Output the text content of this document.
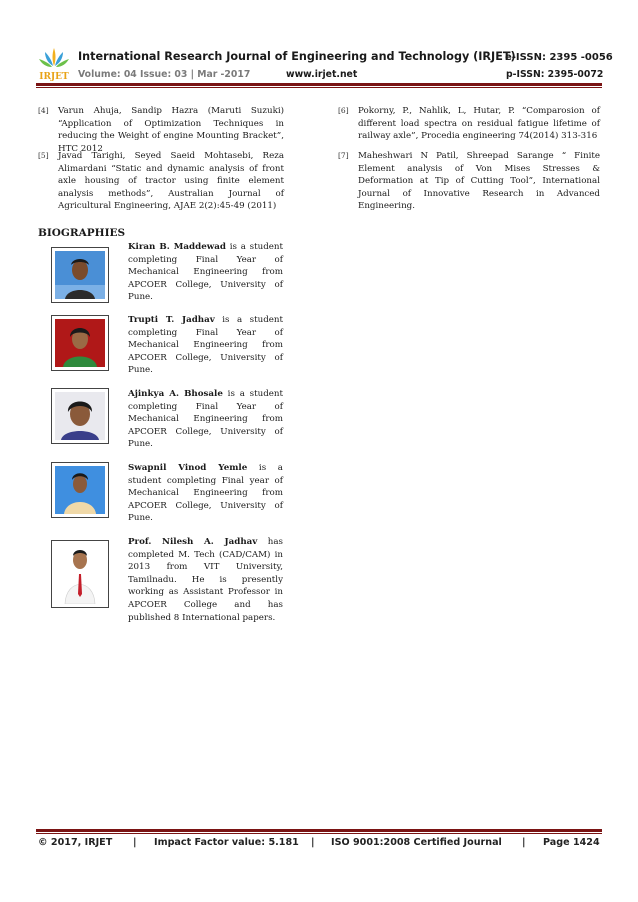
IRJET
International Research Journal of Engineering and Technology (IRJET)
e-ISSN: 2395 -0056
Volume: 04 Issue: 03 | Mar -2017	www.irjet.net	p-ISSN: 2395-0072
[4] Varun Ahuja, Sandip Hazra (Maruti Suzuki) “Application of Optimization Techniques in reducing the Weight of engine Mounting Bracket”, HTC 2012
[5] Javad Tarighi, Seyed Saeid Mohtasebi, Reza Alimardani “Static and dynamic analysis of front axle housing of tractor using finite element analysis methods”, Australian Journal of Agricultural Engineering, AJAE 2(2):45-49 (2011)
[6] Pokorny, P., Nahlik, L, Hutar, P. “Comparosion of different load spectra on residual fatigue lifetime of railway axle”, Procedia engineering 74(2014) 313-316
[7] Maheshwari N Patil, Shreepad Sarange “ Finite Element analysis of Von Mises Stresses & Deformation at Tip of Cutting Tool”, International Journal of Innovative Research in Advanced Engineering.
BIOGRAPHIES
Kiran B. Maddewad is a student completing Final Year of Mechanical Engineering from APCOER College, University of Pune.
Trupti T. Jadhav is a student completing Final Year of Mechanical Engineering from APCOER College, University of Pune.
Ajinkya A. Bhosale is a student completing Final Year of Mechanical Engineering from APCOER College, University of Pune.
Swapnil Vinod Yemle is a student completing Final year of Mechanical Engineering from APCOER College, University of Pune.
Prof. Nilesh A. Jadhav has completed M. Tech (CAD/CAM) in 2013 from VIT University, Tamilnadu. He is presently working as Assistant Professor in APCOER College and has published 8 International papers.
© 2017, IRJET | Impact Factor value: 5.181 | ISO 9001:2008 Certified Journal | Page 1424
